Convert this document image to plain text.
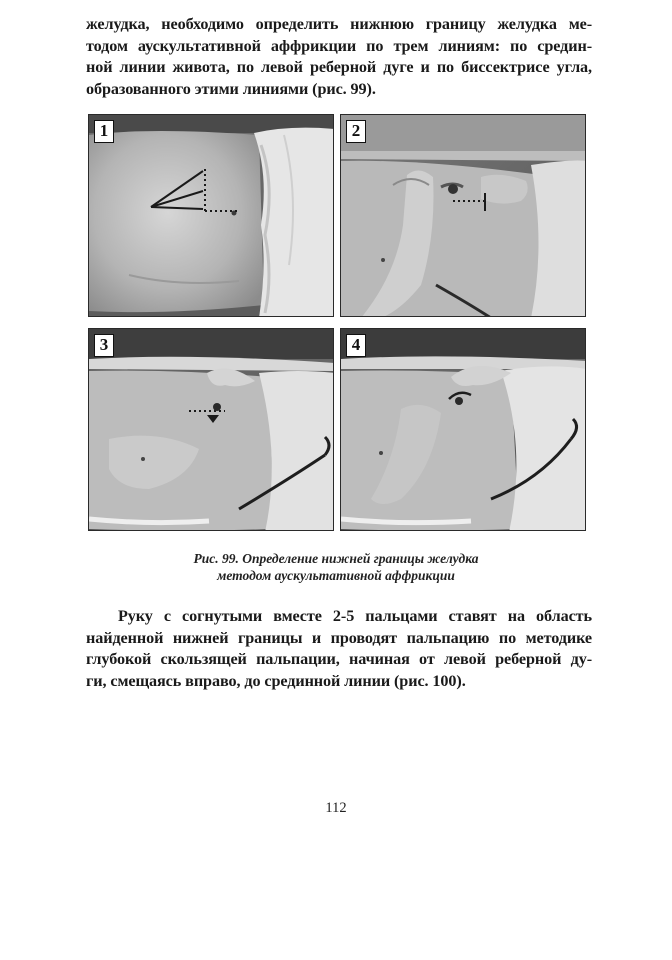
желудка, необходимо определить нижнюю границу желудка ме-
тодом аускультативной аффрикции по трем линиям: по средин-
ной линии живота, по левой реберной дуге и по биссектрисе угла,
образованного этими линиями (рис. 99).

1	2
3	4
Рис. 99. Определение нижней границы желудка
методом аускультативной аффрикции

Руку с согнутыми вместе 2-5 пальцами ставят на область
найденной нижней границы и проводят пальпацию по методике
глубокой скользящей пальпации, начиная от левой реберной ду-
ги, смещаясь вправо, до срединной линии (рис. 100).

112
